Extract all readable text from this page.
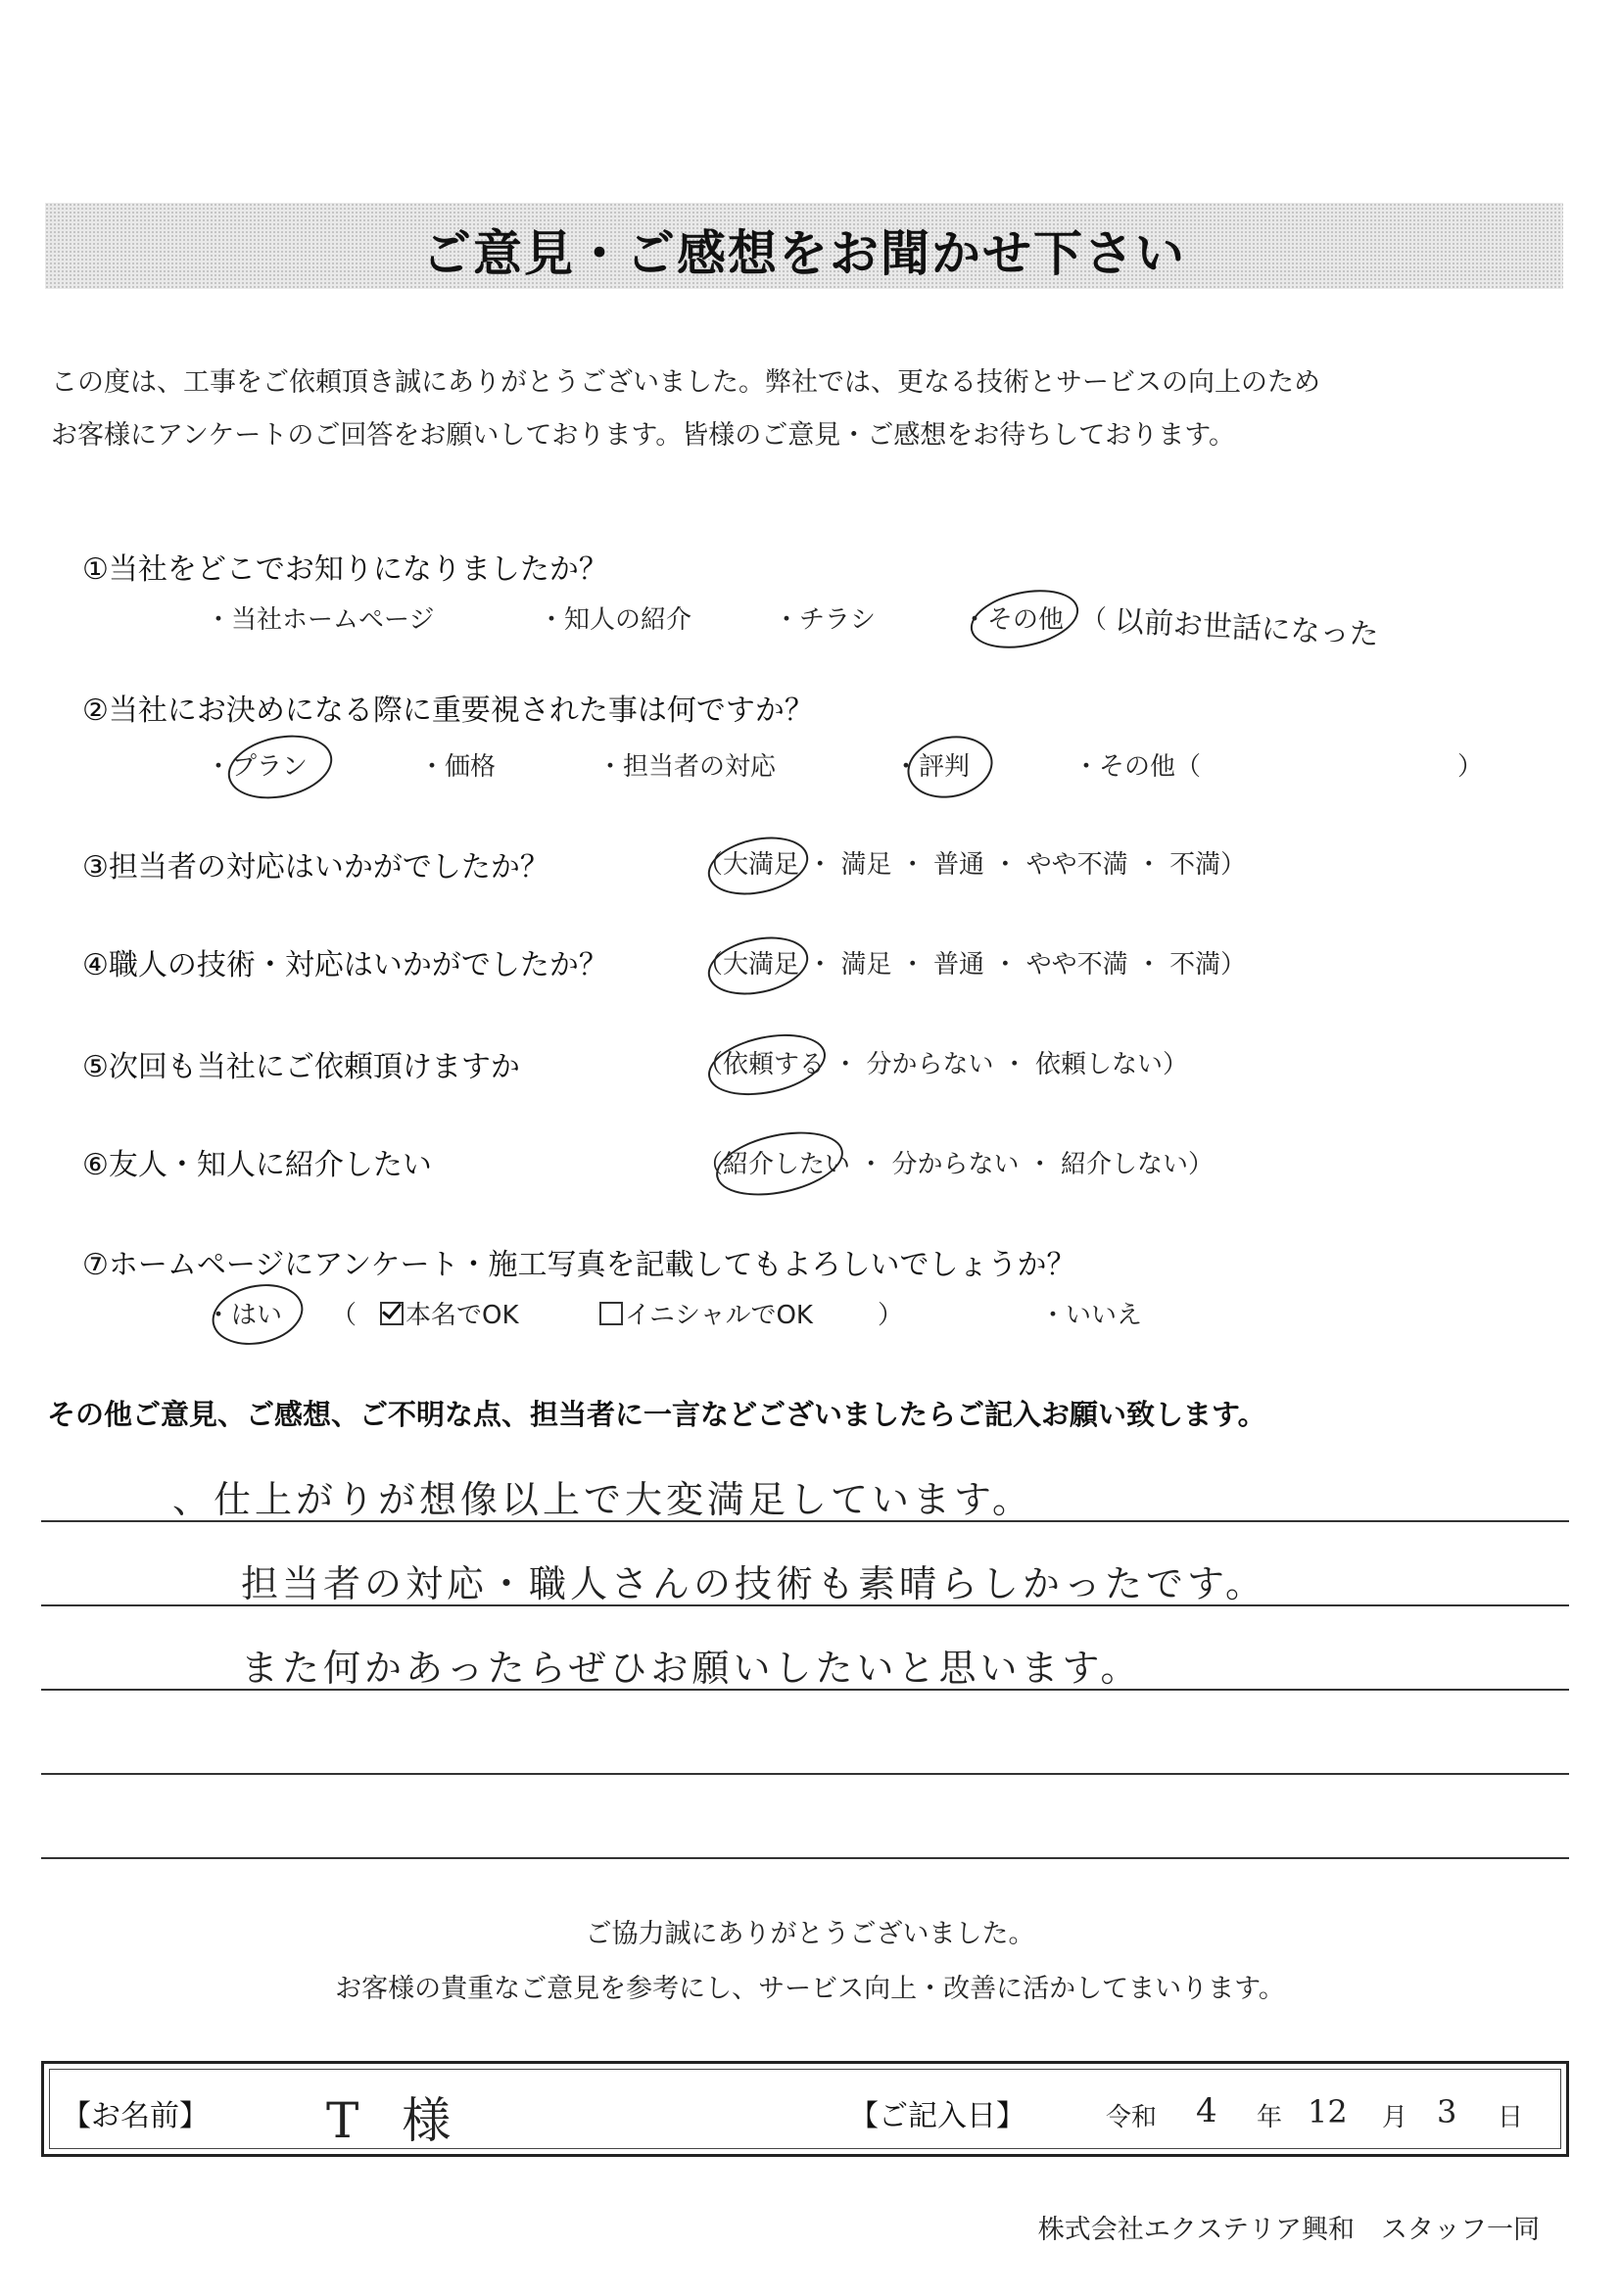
ご意見・ご感想をお聞かせ下さい
この度は、工事をご依頼頂き誠にありがとうございました。弊社では、更なる技術とサービスの向上のため
お客様にアンケートのご回答をお願いしております。皆様のご意見・ご感想をお待ちしております。
①当社をどこでお知りになりましたか？
・当社ホームページ	・知人の紹介	・チラシ	・その他 （ 以前お世話になった
②当社にお決めになる際に重要視された事は何ですか？
・プラン	・価格	・担当者の対応	・評判	・その他（	）
③担当者の対応はいかがでしたか？	（大満足 ・ 満足 ・ 普通 ・ やや不満 ・ 不満）
④職人の技術・対応はいかがでしたか？	（大満足 ・ 満足 ・ 普通 ・ やや不満 ・ 不満）
⑤次回も当社にご依頼頂けますか	（依頼する ・ 分からない ・ 依頼しない）
⑥友人・知人に紹介したい	（紹介したい ・ 分からない ・ 紹介しない）
⑦ホームページにアンケート・施工写真を記載してもよろしいでしょうか？
・はい （	本名でOK	イニシャルでOK	）	・いいえ
その他ご意見、ご感想、ご不明な点、担当者に一言などございましたらご記入お願い致します。
、仕上がりが想像以上で大変満足しています。
担当者の対応・職人さんの技術も素晴らしかったです。
また何かあったらぜひお願いしたいと思います。
ご協力誠にありがとうございました。
お客様の貴重なご意見を参考にし、サービス向上・改善に活かしてまいります。
【お名前】 T 様	【ご記入日】	令和 4 年 12 月 3 日
株式会社エクステリア興和　スタッフ一同
